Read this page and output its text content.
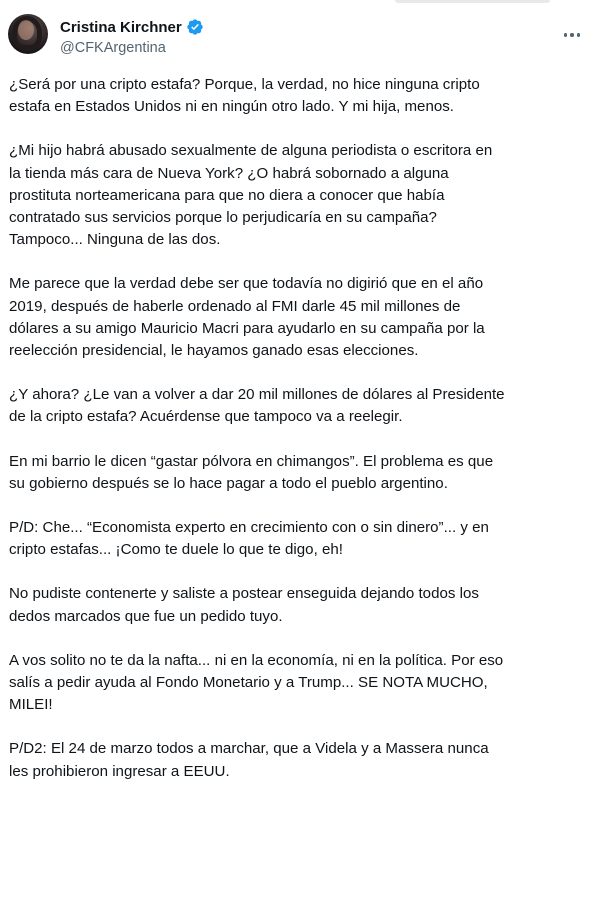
Cristina Kirchner
@CFKArgentina

¿Será por una cripto estafa? Porque, la verdad, no hice ninguna cripto
estafa en Estados Unidos ni en ningún otro lado. Y mi hija, menos.

¿Mi hijo habrá abusado sexualmente de alguna periodista o escritora en
la tienda más cara de Nueva York? ¿O habrá sobornado a alguna
prostituta norteamericana para que no diera a conocer que había
contratado sus servicios porque lo perjudicaría en su campaña?
Tampoco... Ninguna de las dos.

Me parece que la verdad debe ser que todavía no digirió que en el año
2019, después de haberle ordenado al FMI darle 45 mil millones de
dólares a su amigo Mauricio Macri para ayudarlo en su campaña por la
reelección presidencial, le hayamos ganado esas elecciones.

¿Y ahora? ¿Le van a volver a dar 20 mil millones de dólares al Presidente
de la cripto estafa? Acuérdense que tampoco va a reelegir.

En mi barrio le dicen “gastar pólvora en chimangos”. El problema es que
su gobierno después se lo hace pagar a todo el pueblo argentino.

P/D: Che... “Economista experto en crecimiento con o sin dinero”... y en
cripto estafas... ¡Como te duele lo que te digo, eh!

No pudiste contenerte y saliste a postear enseguida dejando todos los
dedos marcados que fue un pedido tuyo.

A vos solito no te da la nafta... ni en la economía, ni en la política. Por eso
salís a pedir ayuda al Fondo Monetario y a Trump... SE NOTA MUCHO,
MILEI!

P/D2: El 24 de marzo todos a marchar, que a Videla y a Massera nunca
les prohibieron ingresar a EEUU.
